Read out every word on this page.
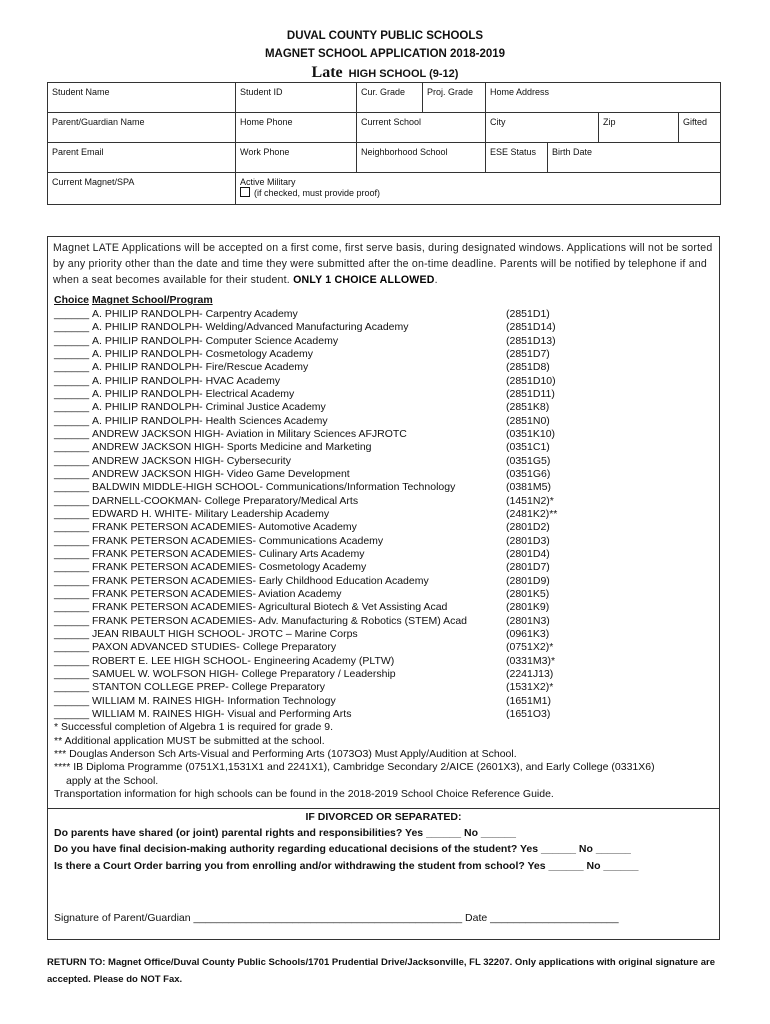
DUVAL COUNTY PUBLIC SCHOOLS
MAGNET SCHOOL APPLICATION 2018-2019
Late HIGH SCHOOL (9-12)
Student Name	Student ID	Cur. Grade	Proj. Grade	Home Address			
Parent/Guardian Name	Home Phone	Current School		City		Zip	Gifted
Parent Email	Work Phone	Neighborhood School		ESE Status	Birth Date		
Current Magnet/SPA	Active Military
(if checked, must provide proof)						
Magnet LATE Applications will be accepted on a first come, first serve basis, during designated windows. Applications will not be sorted by any priority other than the date and time they were submitted after the on-time deadline. Parents will be notified by telephone if and when a seat becomes available for their student. ONLY 1 CHOICE ALLOWED.
Choice Magnet School/Program
______ A. PHILIP RANDOLPH- Carpentry Academy	(2851D1)
______ A. PHILIP RANDOLPH- Welding/Advanced Manufacturing Academy	(2851D14)
______ A. PHILIP RANDOLPH- Computer Science Academy	(2851D13)
______ A. PHILIP RANDOLPH- Cosmetology Academy	(2851D7)
______ A. PHILIP RANDOLPH- Fire/Rescue Academy	(2851D8)
______ A. PHILIP RANDOLPH- HVAC Academy	(2851D10)
______ A. PHILIP RANDOLPH- Electrical Academy	(2851D11)
______ A. PHILIP RANDOLPH- Criminal Justice Academy	(2851K8)
______ A. PHILIP RANDOLPH- Health Sciences Academy	(2851N0)
______ ANDREW JACKSON HIGH- Aviation in Military Sciences AFJROTC	(0351K10)
______ ANDREW JACKSON HIGH- Sports Medicine and Marketing	(0351C1)
______ ANDREW JACKSON HIGH- Cybersecurity	(0351G5)
______ ANDREW JACKSON HIGH- Video Game Development	(0351G6)
______ BALDWIN MIDDLE-HIGH SCHOOL- Communications/Information Technology	(0381M5)
______ DARNELL-COOKMAN- College Preparatory/Medical Arts	(1451N2)*
______ EDWARD H. WHITE- Military Leadership Academy	(2481K2)**
______ FRANK PETERSON ACADEMIES- Automotive Academy	(2801D2)
______ FRANK PETERSON ACADEMIES- Communications Academy	(2801D3)
______ FRANK PETERSON ACADEMIES- Culinary Arts Academy	(2801D4)
______ FRANK PETERSON ACADEMIES- Cosmetology Academy	(2801D7)
______ FRANK PETERSON ACADEMIES- Early Childhood Education Academy	(2801D9)
______ FRANK PETERSON ACADEMIES- Aviation Academy	(2801K5)
______ FRANK PETERSON ACADEMIES- Agricultural Biotech & Vet Assisting Acad	(2801K9)
______ FRANK PETERSON ACADEMIES- Adv. Manufacturing & Robotics (STEM) Acad	(2801N3)
______ JEAN RIBAULT HIGH SCHOOL- JROTC – Marine Corps	(0961K3)
______ PAXON ADVANCED STUDIES- College Preparatory	(0751X2)*
______ ROBERT E. LEE HIGH SCHOOL- Engineering Academy (PLTW)	(0331M3)*
______ SAMUEL W. WOLFSON HIGH- College Preparatory / Leadership	(2241J13)
______ STANTON COLLEGE PREP- College Preparatory	(1531X2)*
______ WILLIAM M. RAINES HIGH- Information Technology	(1651M1)
______ WILLIAM M. RAINES HIGH- Visual and Performing Arts	(1651O3)
* Successful completion of Algebra 1 is required for grade 9.
** Additional application MUST be submitted at the school.
*** Douglas Anderson Sch Arts-Visual and Performing Arts (1073O3) Must Apply/Audition at School.
**** IB Diploma Programme (0751X1,1531X1 and 2241X1), Cambridge Secondary 2/AICE (2601X3), and Early College (0331X6)
apply at the School.
Transportation information for high schools can be found in the 2018-2019 School Choice Reference Guide.
IF DIVORCED OR SEPARATED:
Do parents have shared (or joint) parental rights and responsibilities? Yes ______ No ______
Do you have final decision-making authority regarding educational decisions of the student? Yes ______ No ______
Is there a Court Order barring you from enrolling and/or withdrawing the student from school? Yes ______ No ______
Signature of Parent/Guardian ______________________________________________ Date ______________________
RETURN TO: Magnet Office/Duval County Public Schools/1701 Prudential Drive/Jacksonville, FL 32207. Only applications with original signature are accepted. Please do NOT Fax.
